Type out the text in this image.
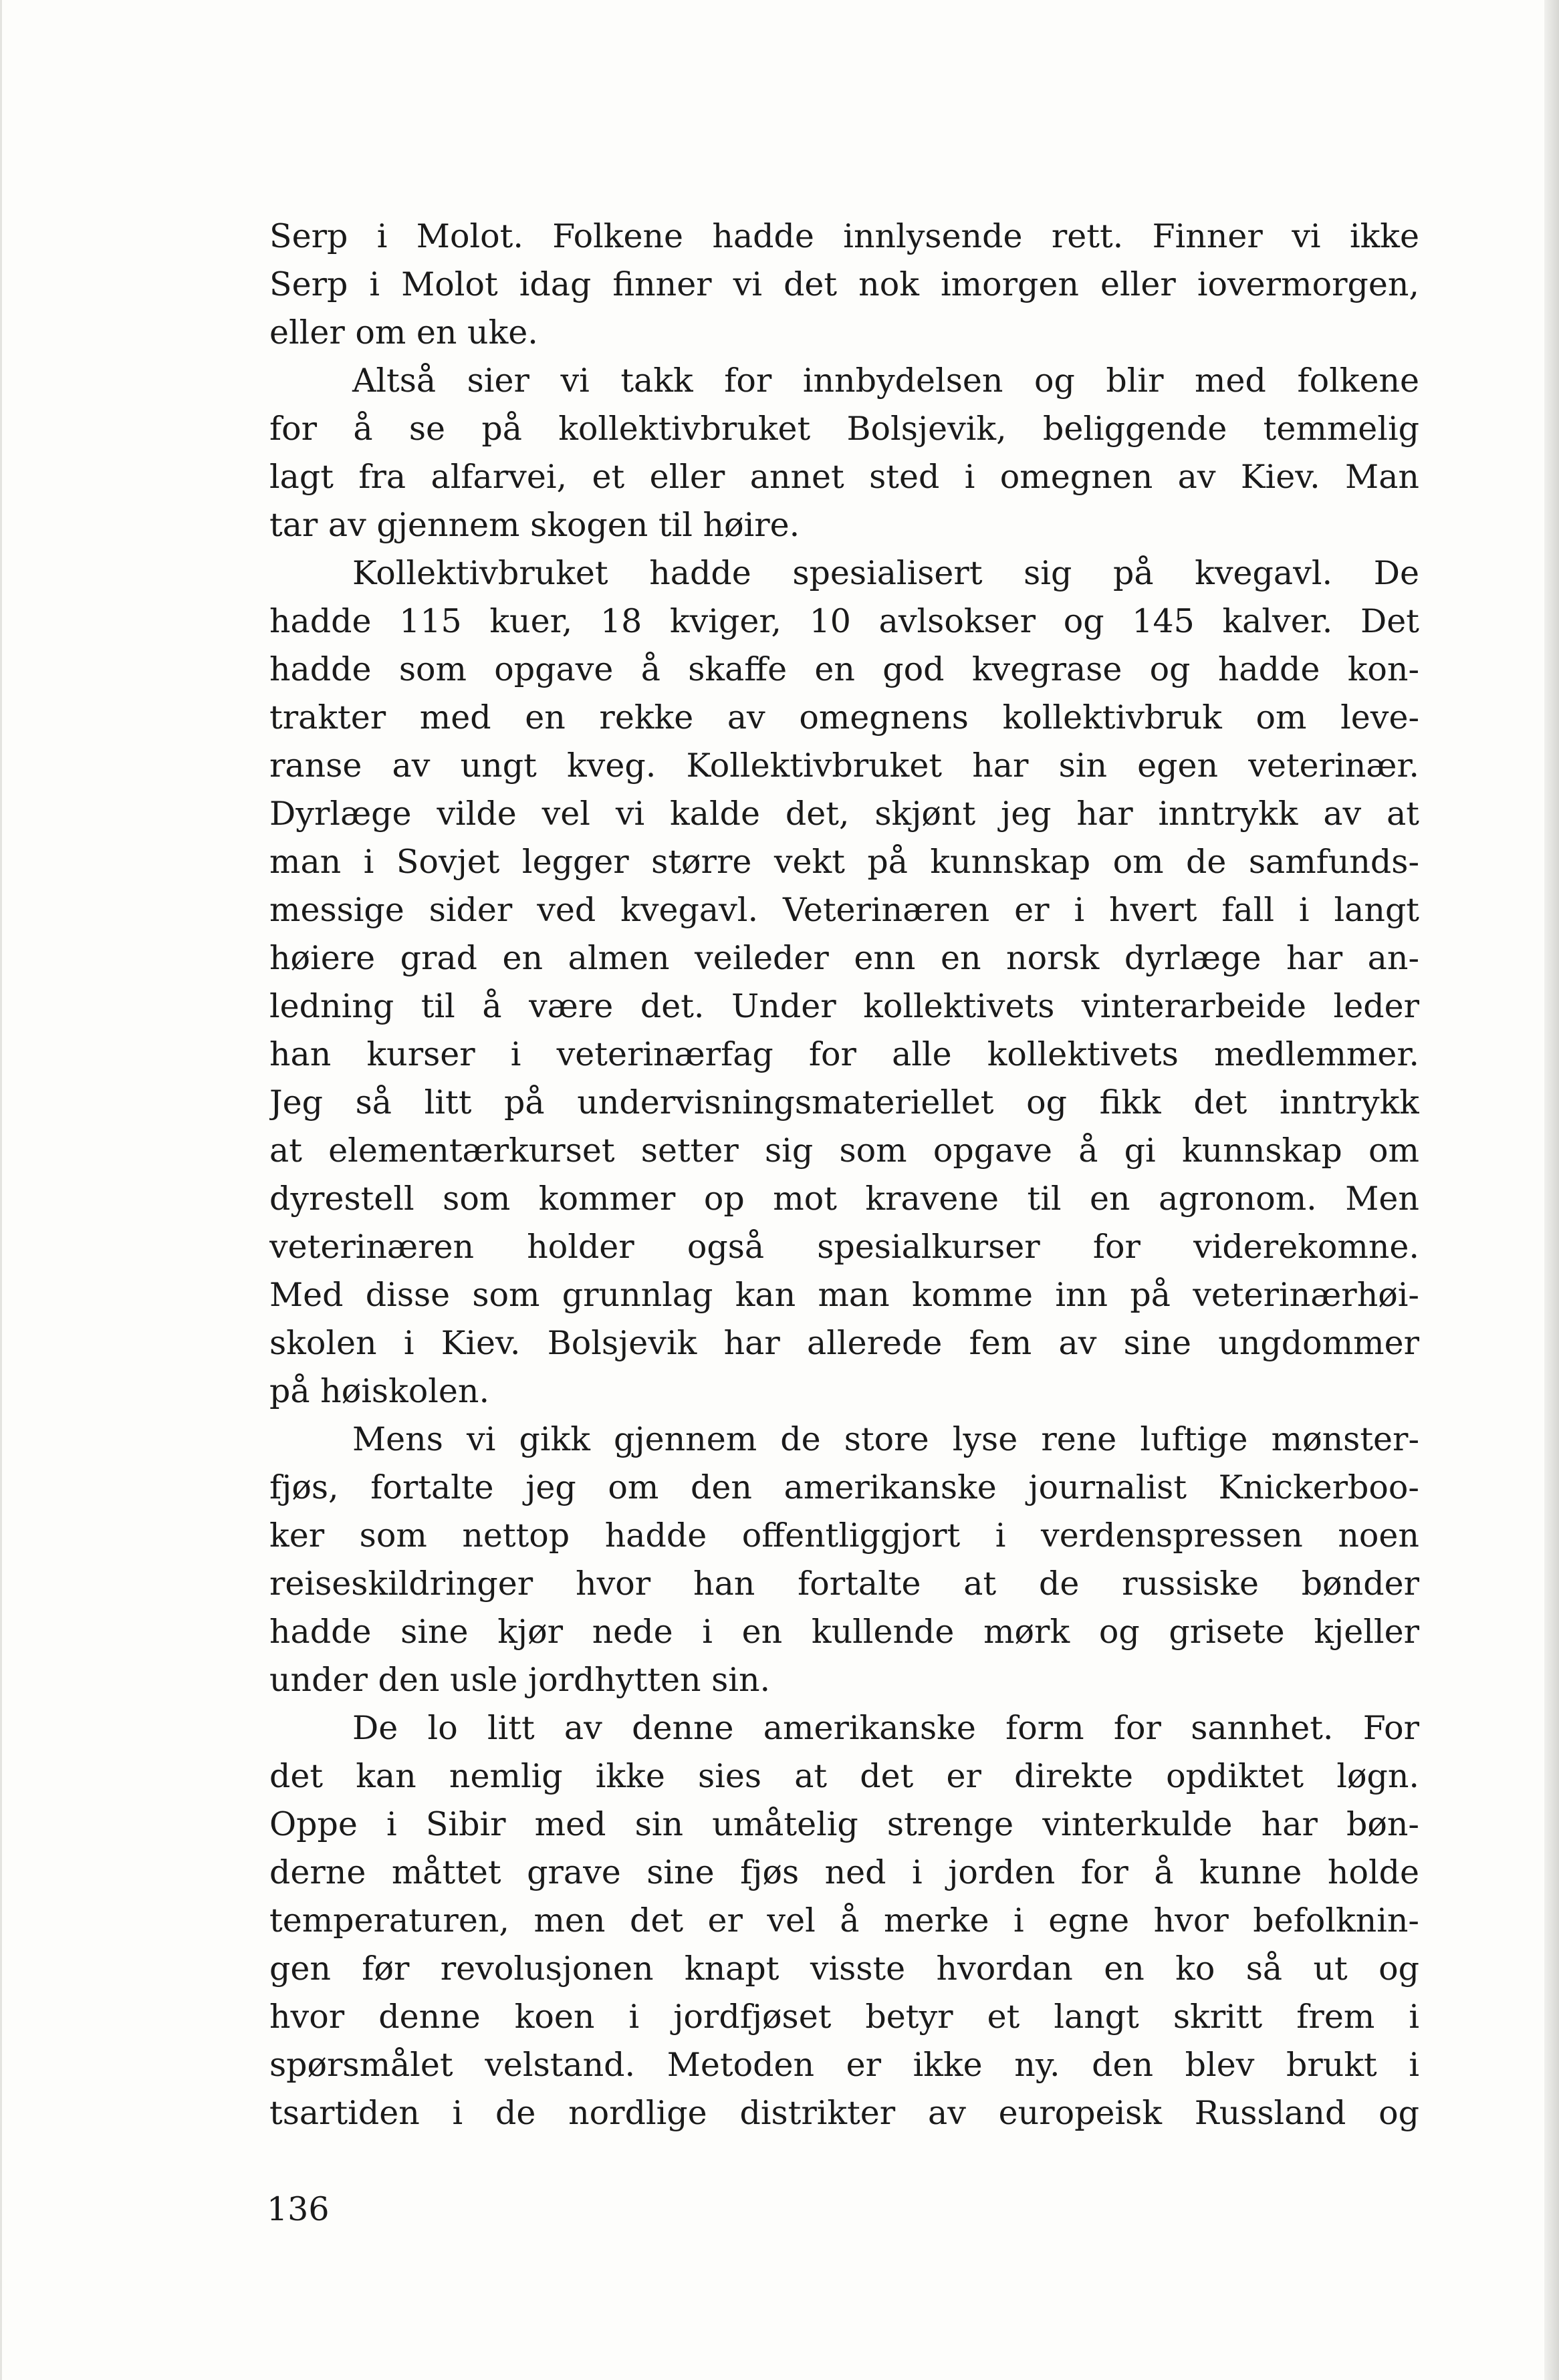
Serp i Molot. Folkene hadde innlysende rett. Finner vi ikke
Serp i Molot idag finner vi det nok imorgen eller iovermorgen,
eller om en uke.
Altså sier vi takk for innbydelsen og blir med folkene
for å se på kollektivbruket Bolsjevik, beliggende temmelig
lagt fra alfarvei, et eller annet sted i omegnen av Kiev. Man
tar av gjennem skogen til høire.
Kollektivbruket hadde spesialisert sig på kvegavl. De
hadde 115 kuer, 18 kviger, 10 avlsokser og 145 kalver. Det
hadde som opgave å skaffe en god kvegrase og hadde kon-
trakter med en rekke av omegnens kollektivbruk om leve-
ranse av ungt kveg. Kollektivbruket har sin egen veterinær.
Dyrlæge vilde vel vi kalde det, skjønt jeg har inntrykk av at
man i Sovjet legger større vekt på kunnskap om de samfunds-
messige sider ved kvegavl. Veterinæren er i hvert fall i langt
høiere grad en almen veileder enn en norsk dyrlæge har an-
ledning til å være det. Under kollektivets vinterarbeide leder
han kurser i veterinærfag for alle kollektivets medlemmer.
Jeg så litt på undervisningsmateriellet og fikk det inntrykk
at elementærkurset setter sig som opgave å gi kunnskap om
dyrestell som kommer op mot kravene til en agronom. Men
veterinæren holder også spesialkurser for viderekomne.
Med disse som grunnlag kan man komme inn på veterinærhøi-
skolen i Kiev. Bolsjevik har allerede fem av sine ungdommer
på høiskolen.
Mens vi gikk gjennem de store lyse rene luftige mønster-
fjøs, fortalte jeg om den amerikanske journalist Knickerboo-
ker som nettop hadde offentliggjort i verdenspressen noen
reiseskildringer hvor han fortalte at de russiske bønder
hadde sine kjør nede i en kullende mørk og grisete kjeller
under den usle jordhytten sin.
De lo litt av denne amerikanske form for sannhet. For
det kan nemlig ikke sies at det er direkte opdiktet løgn.
Oppe i Sibir med sin umåtelig strenge vinterkulde har bøn-
derne måttet grave sine fjøs ned i jorden for å kunne holde
temperaturen, men det er vel å merke i egne hvor befolknin-
gen før revolusjonen knapt visste hvordan en ko så ut og
hvor denne koen i jordfjøset betyr et langt skritt frem i
spørsmålet velstand. Metoden er ikke ny. den blev brukt i
tsartiden i de nordlige distrikter av europeisk Russland og
136
